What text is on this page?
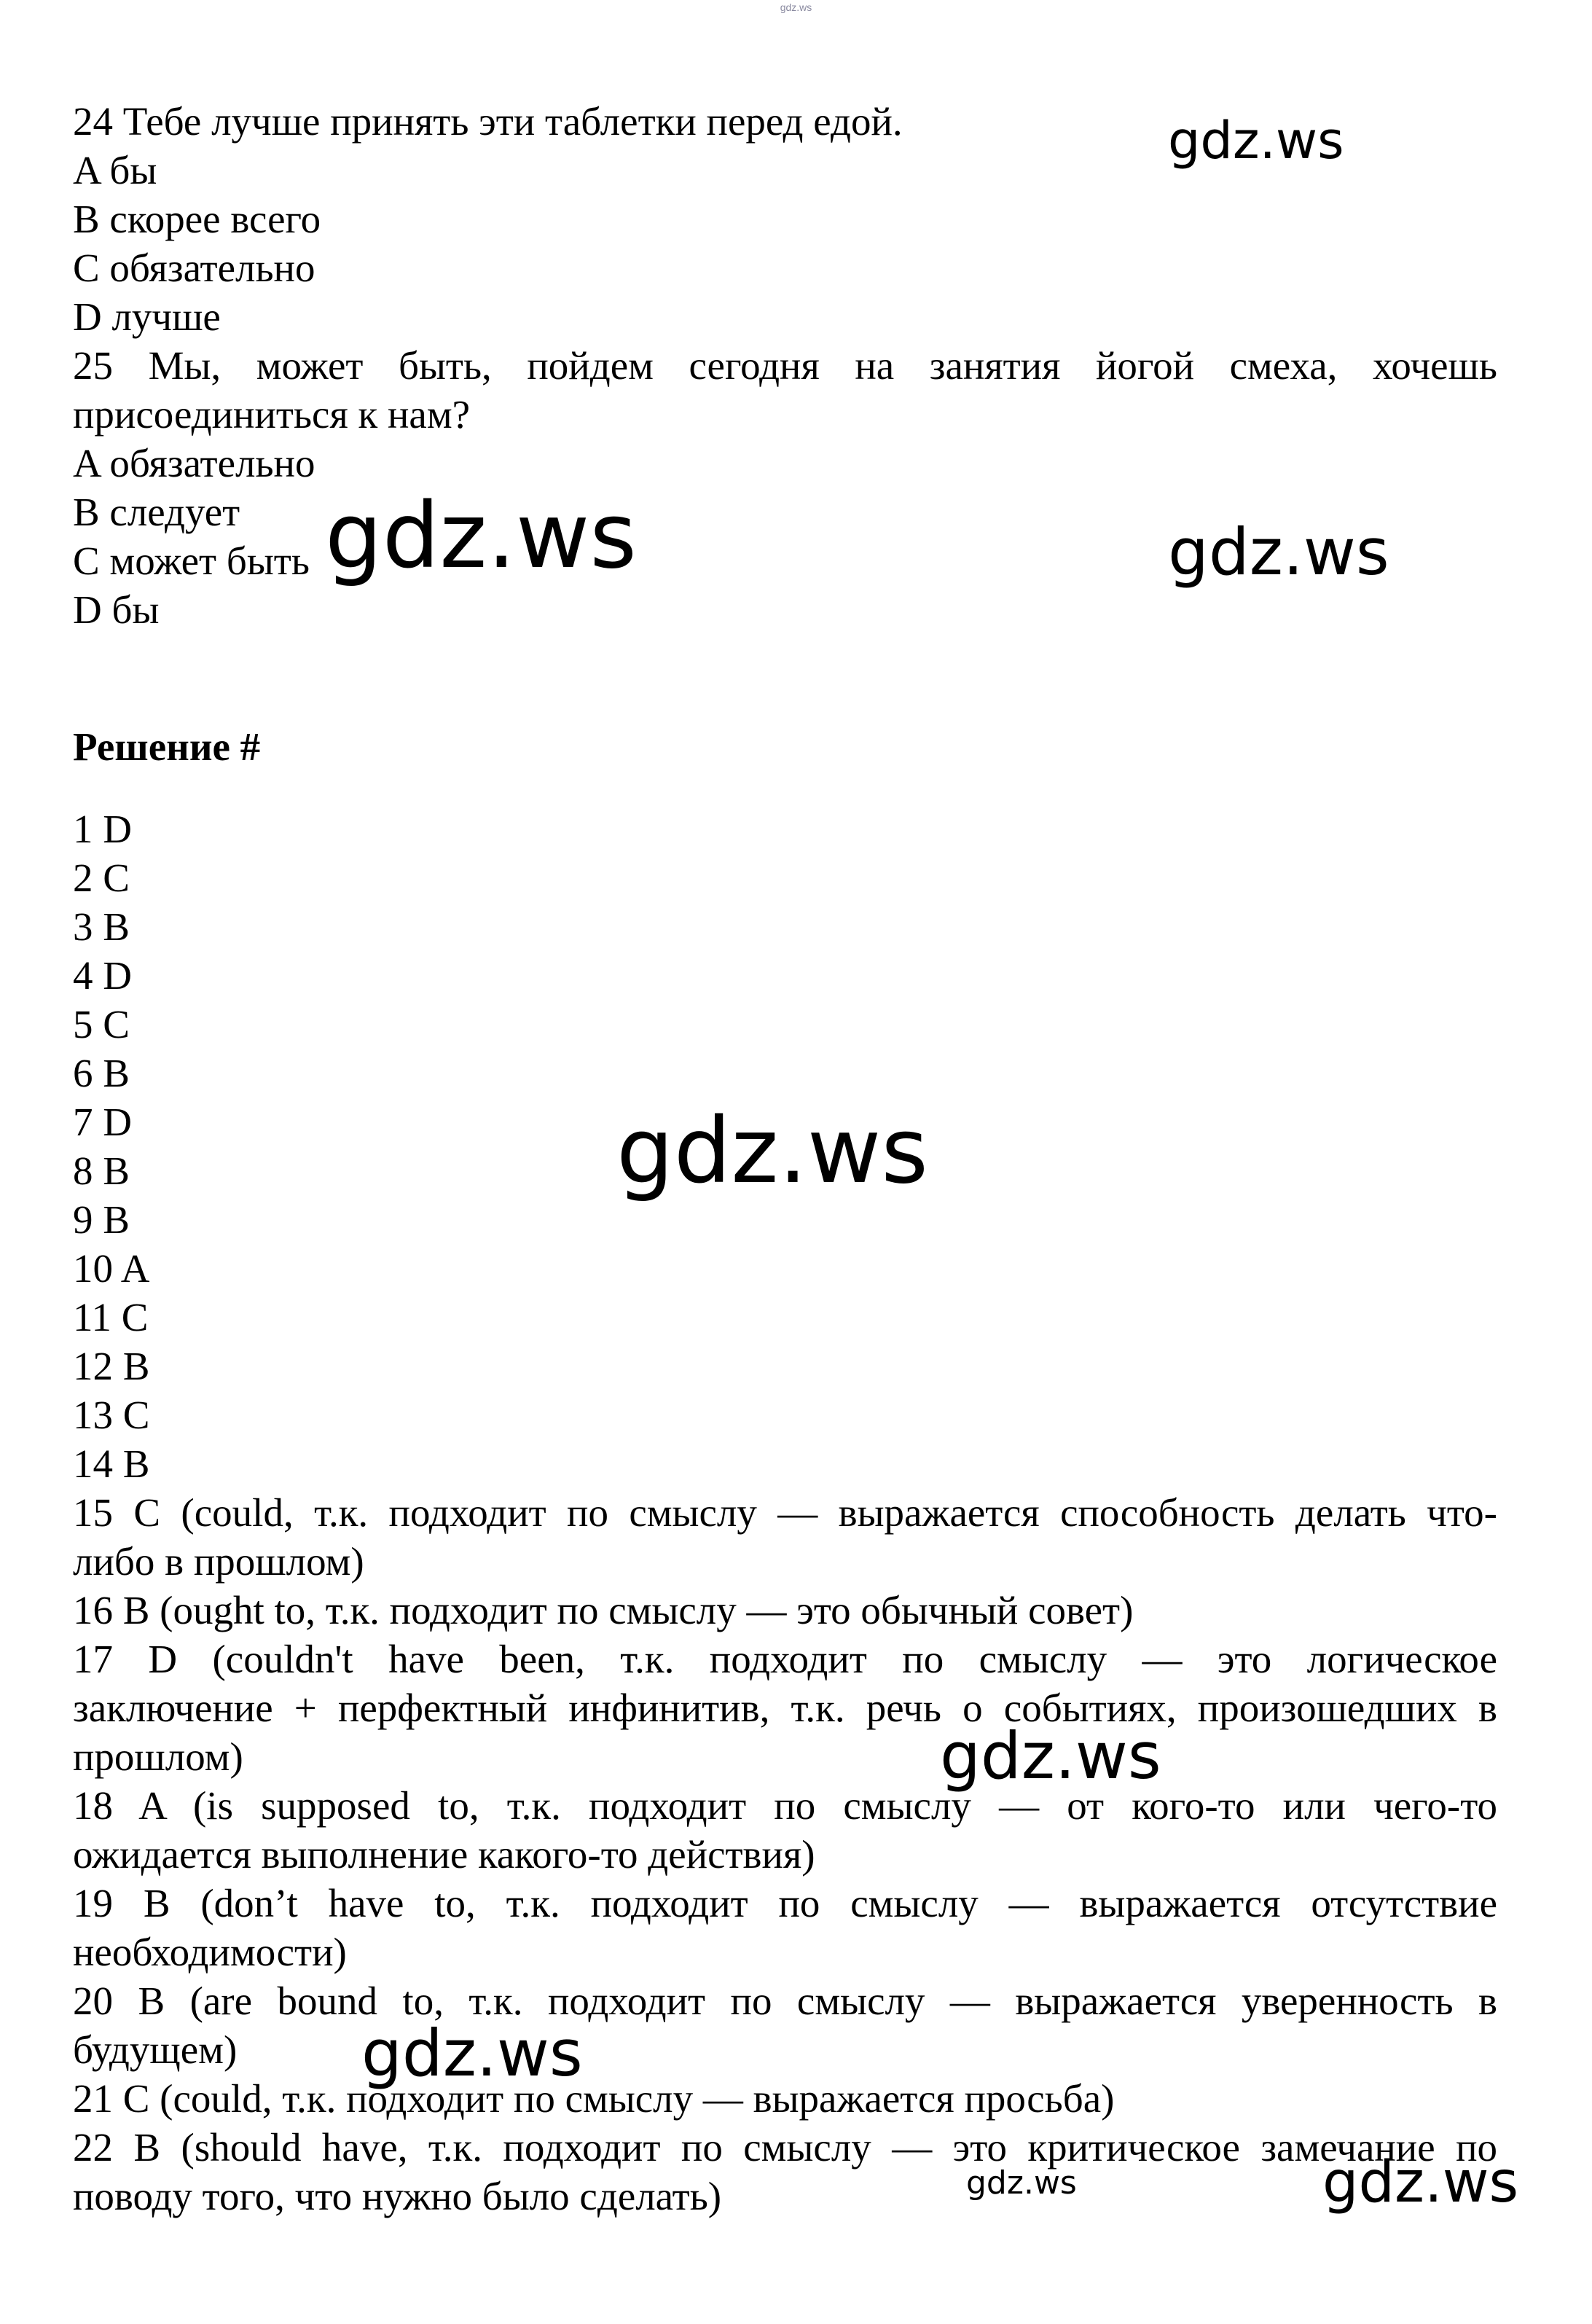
gdz.ws
24 Тебе лучше принять эти таблетки перед едой.
A бы
B скорее всего
C обязательно
D лучше
25 Мы, может быть, пойдем сегодня на занятия йогой смеха, хочешь
присоединиться к нам?
A обязательно
B следует
C может быть
D бы
Решение #
1 D
2 C
3 B
4 D
5 C
6 B
7 D
8 B
9 B
10 A
11 C
12 B
13 C
14 B
15 C (could, т.к. подходит по смыслу — выражается способность делать что-
либо в прошлом)
16 B (ought to, т.к. подходит по смыслу — это обычный совет)
17 D (couldn't have been, т.к. подходит по смыслу — это логическое
заключение + перфектный инфинитив, т.к. речь о событиях, произошедших в
прошлом)
18 A (is supposed to, т.к. подходит по смыслу — от кого-то или чего-то
ожидается выполнение какого-то действия)
19 B (don’t have to, т.к. подходит по смыслу — выражается отсутствие
необходимости)
20 B (are bound to, т.к. подходит по смыслу — выражается уверенность в
будущем)
21 C (could, т.к. подходит по смыслу — выражается просьба)
22 B (should have, т.к. подходит по смыслу — это критическое замечание по
поводу того, что нужно было сделать)
gdz.ws
gdz.ws	gdz.ws
gdz.ws
gdz.ws
gdz.ws
gdz.ws	gdz.ws
